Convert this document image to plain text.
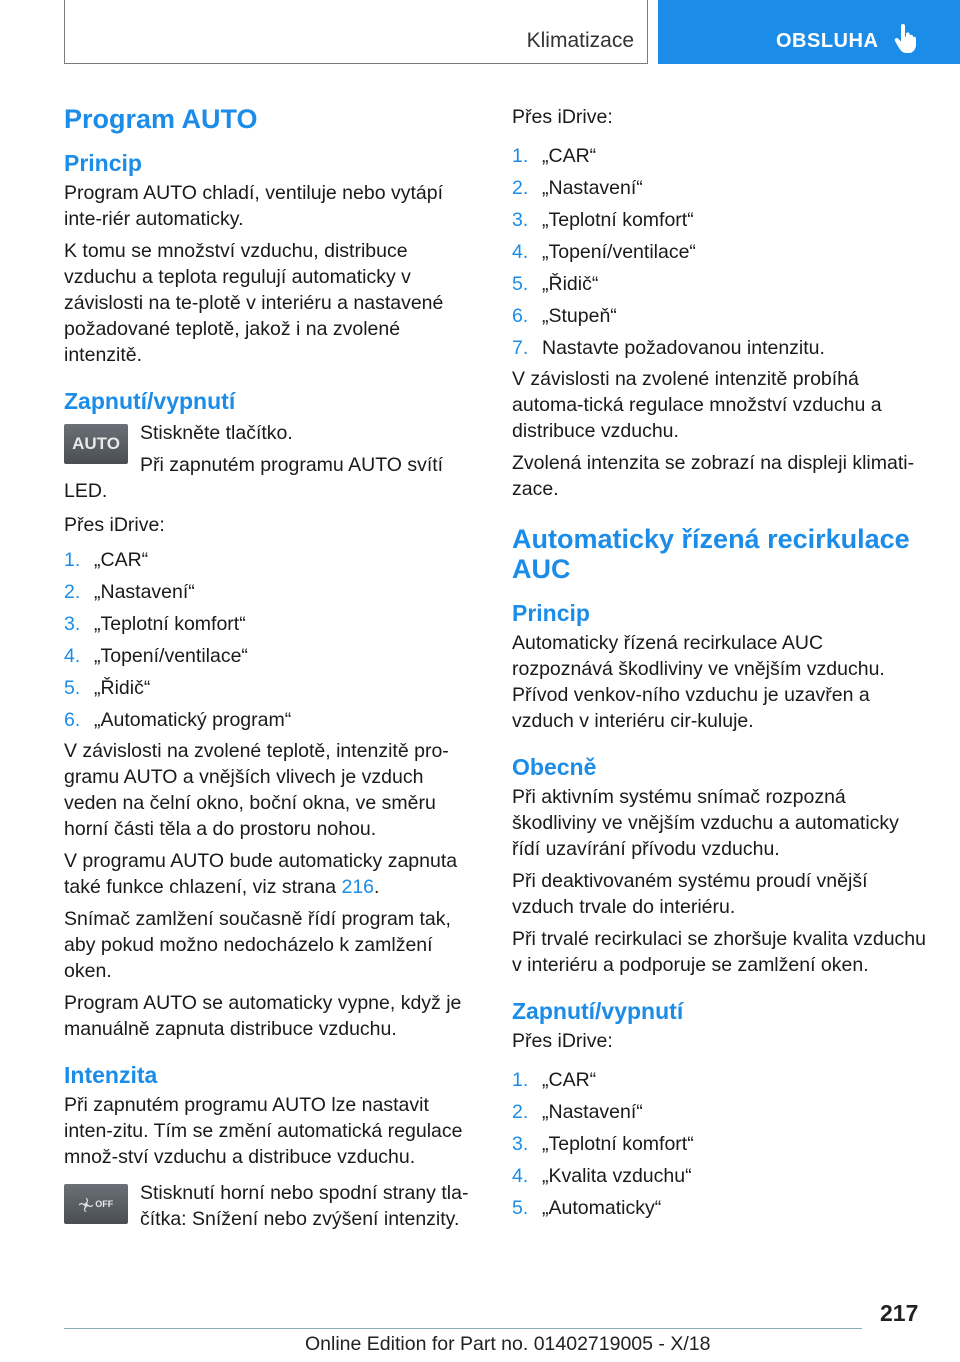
Klimatizace	OBSLUHA
Program AUTO
Princip

Program AUTO chladí, ventiluje nebo vytápí inte-riér automaticky.

K tomu se množství vzduchu, distribuce vzduchu a teplota regulují automaticky v závislosti na te-plotě v interiéru a nastavené požadované teplotě, jakož i na zvolené intenzitě.

Zapnutí/vypnutí
AUTO	Stiskněte tlačítko.

Při zapnutém programu AUTO svítí LED.

Přes iDrive:

1. „CAR“
2. „Nastavení“
3. „Teplotní komfort“
4. „Topení/ventilace“
5. „Řidič“
6. „Automatický program“

V závislosti na zvolené teplotě, intenzitě pro-gramu AUTO a vnějších vlivech je vzduch veden na čelní okno, boční okna, ve směru horní části těla a do prostoru nohou.

V programu AUTO bude automaticky zapnuta také funkce chlazení, viz strana 216.

Snímač zamlžení současně řídí program tak, aby pokud možno nedocházelo k zamlžení oken.

Program AUTO se automaticky vypne, když je manuálně zapnuta distribuce vzduchu.

Intenzita

Při zapnutém programu AUTO lze nastavit inten-zitu. Tím se změní automatická regulace množ-ství vzduchu a distribuce vzduchu.

OFF	Stisknutí horní nebo spodní strany tla-čítka: Snížení nebo zvýšení intenzity.

Přes iDrive:

1. „CAR“
2. „Nastavení“
3. „Teplotní komfort“
4. „Topení/ventilace“
5. „Řidič“
6. „Stupeň“
7. Nastavte požadovanou intenzitu.

V závislosti na zvolené intenzitě probíhá automa-tická regulace množství vzduchu a distribuce vzduchu.

Zvolená intenzita se zobrazí na displeji klimati-zace.

Automaticky řízená recirkulace AUC
Princip

Automaticky řízená recirkulace AUC rozpoznává škodliviny ve vnějším vzduchu. Přívod venkov-ního vzduchu je uzavřen a vzduch v interiéru cir-kuluje.

Obecně

Při aktivním systému snímač rozpozná škodliviny ve vnějším vzduchu a automaticky řídí uzavírání přívodu vzduchu.

Při deaktivovaném systému proudí vnější vzduch trvale do interiéru.

Při trvalé recirkulaci se zhoršuje kvalita vzduchu v interiéru a podporuje se zamlžení oken.

Zapnutí/vypnutí

Přes iDrive:

1. „CAR“
2. „Nastavení“
3. „Teplotní komfort“
4. „Kvalita vzduchu“
5. „Automaticky“
217
Online Edition for Part no. 01402719005 - X/18
